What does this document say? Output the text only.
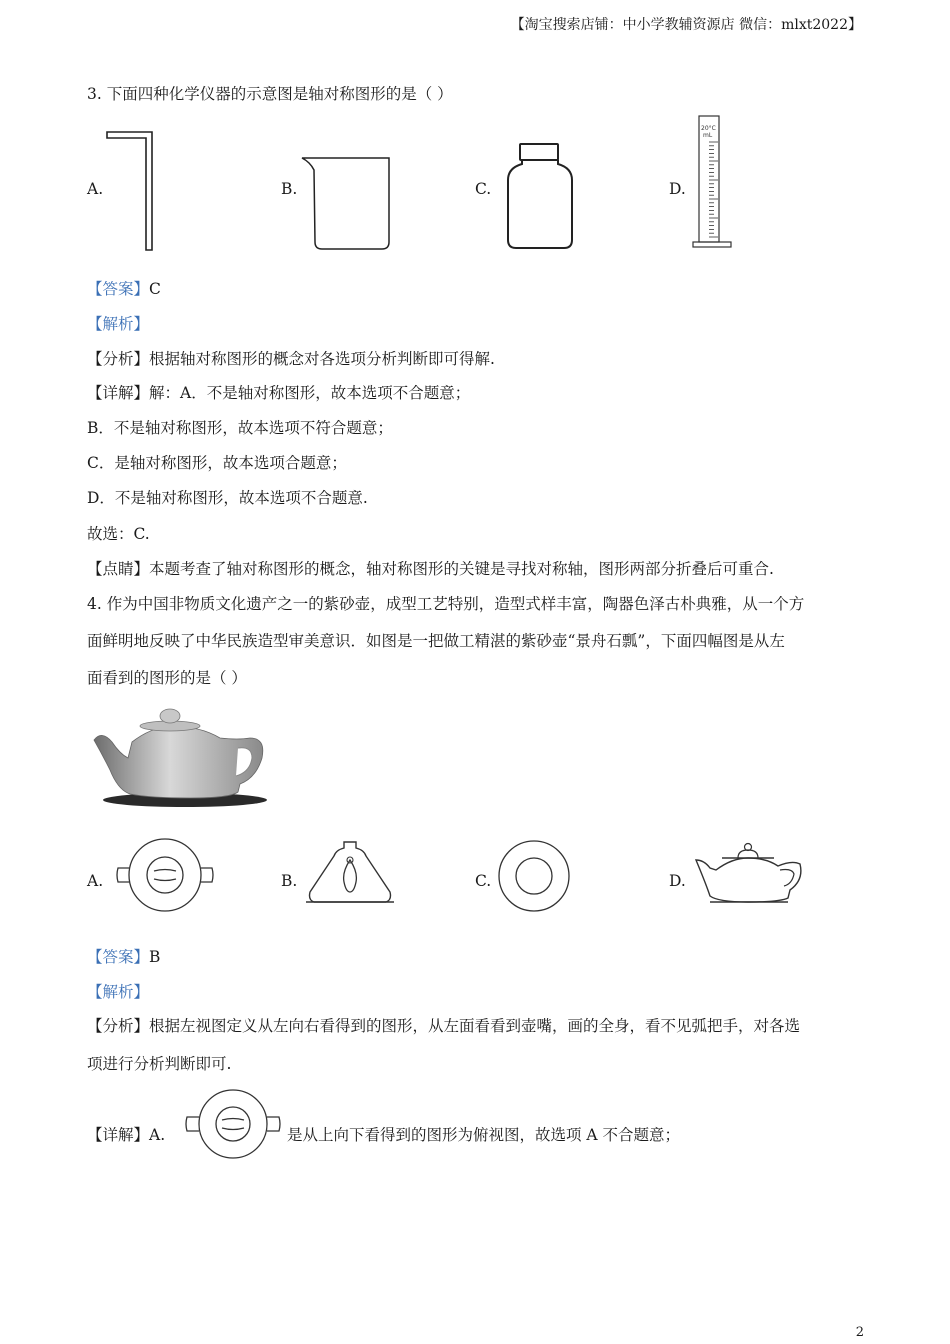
【淘宝搜索店铺：中小学教辅资源店 微信：mlxt2022】
3. 下面四种化学仪器的示意图是轴对称图形的是（ ）
A.	B.	C.	D.
20°C
mL
【答案】C
【解析】
【分析】根据轴对称图形的概念对各选项分析判断即可得解.
【详解】解：A．不是轴对称图形，故本选项不合题意；
B．不是轴对称图形，故本选项不符合题意；
C．是轴对称图形，故本选项合题意；
D．不是轴对称图形，故本选项不合题意.
故选：C.
【点睛】本题考查了轴对称图形的概念，轴对称图形的关键是寻找对称轴，图形两部分折叠后可重合.
4. 作为中国非物质文化遗产之一的紫砂壶，成型工艺特别，造型式样丰富，陶器色泽古朴典雅，从一个方
面鲜明地反映了中华民族造型审美意识．如图是一把做工精湛的紫砂壶“景舟石瓢”，下面四幅图是从左
面看到的图形的是（ ）
A.	B.	C.	D.
【答案】B
【解析】
【分析】根据左视图定义从左向右看得到的图形，从左面看看到壶嘴，画的全身，看不见弧把手，对各选
项进行分析判断即可.
【详解】A.	是从上向下看得到的图形为俯视图，故选项 A 不合题意；
2
